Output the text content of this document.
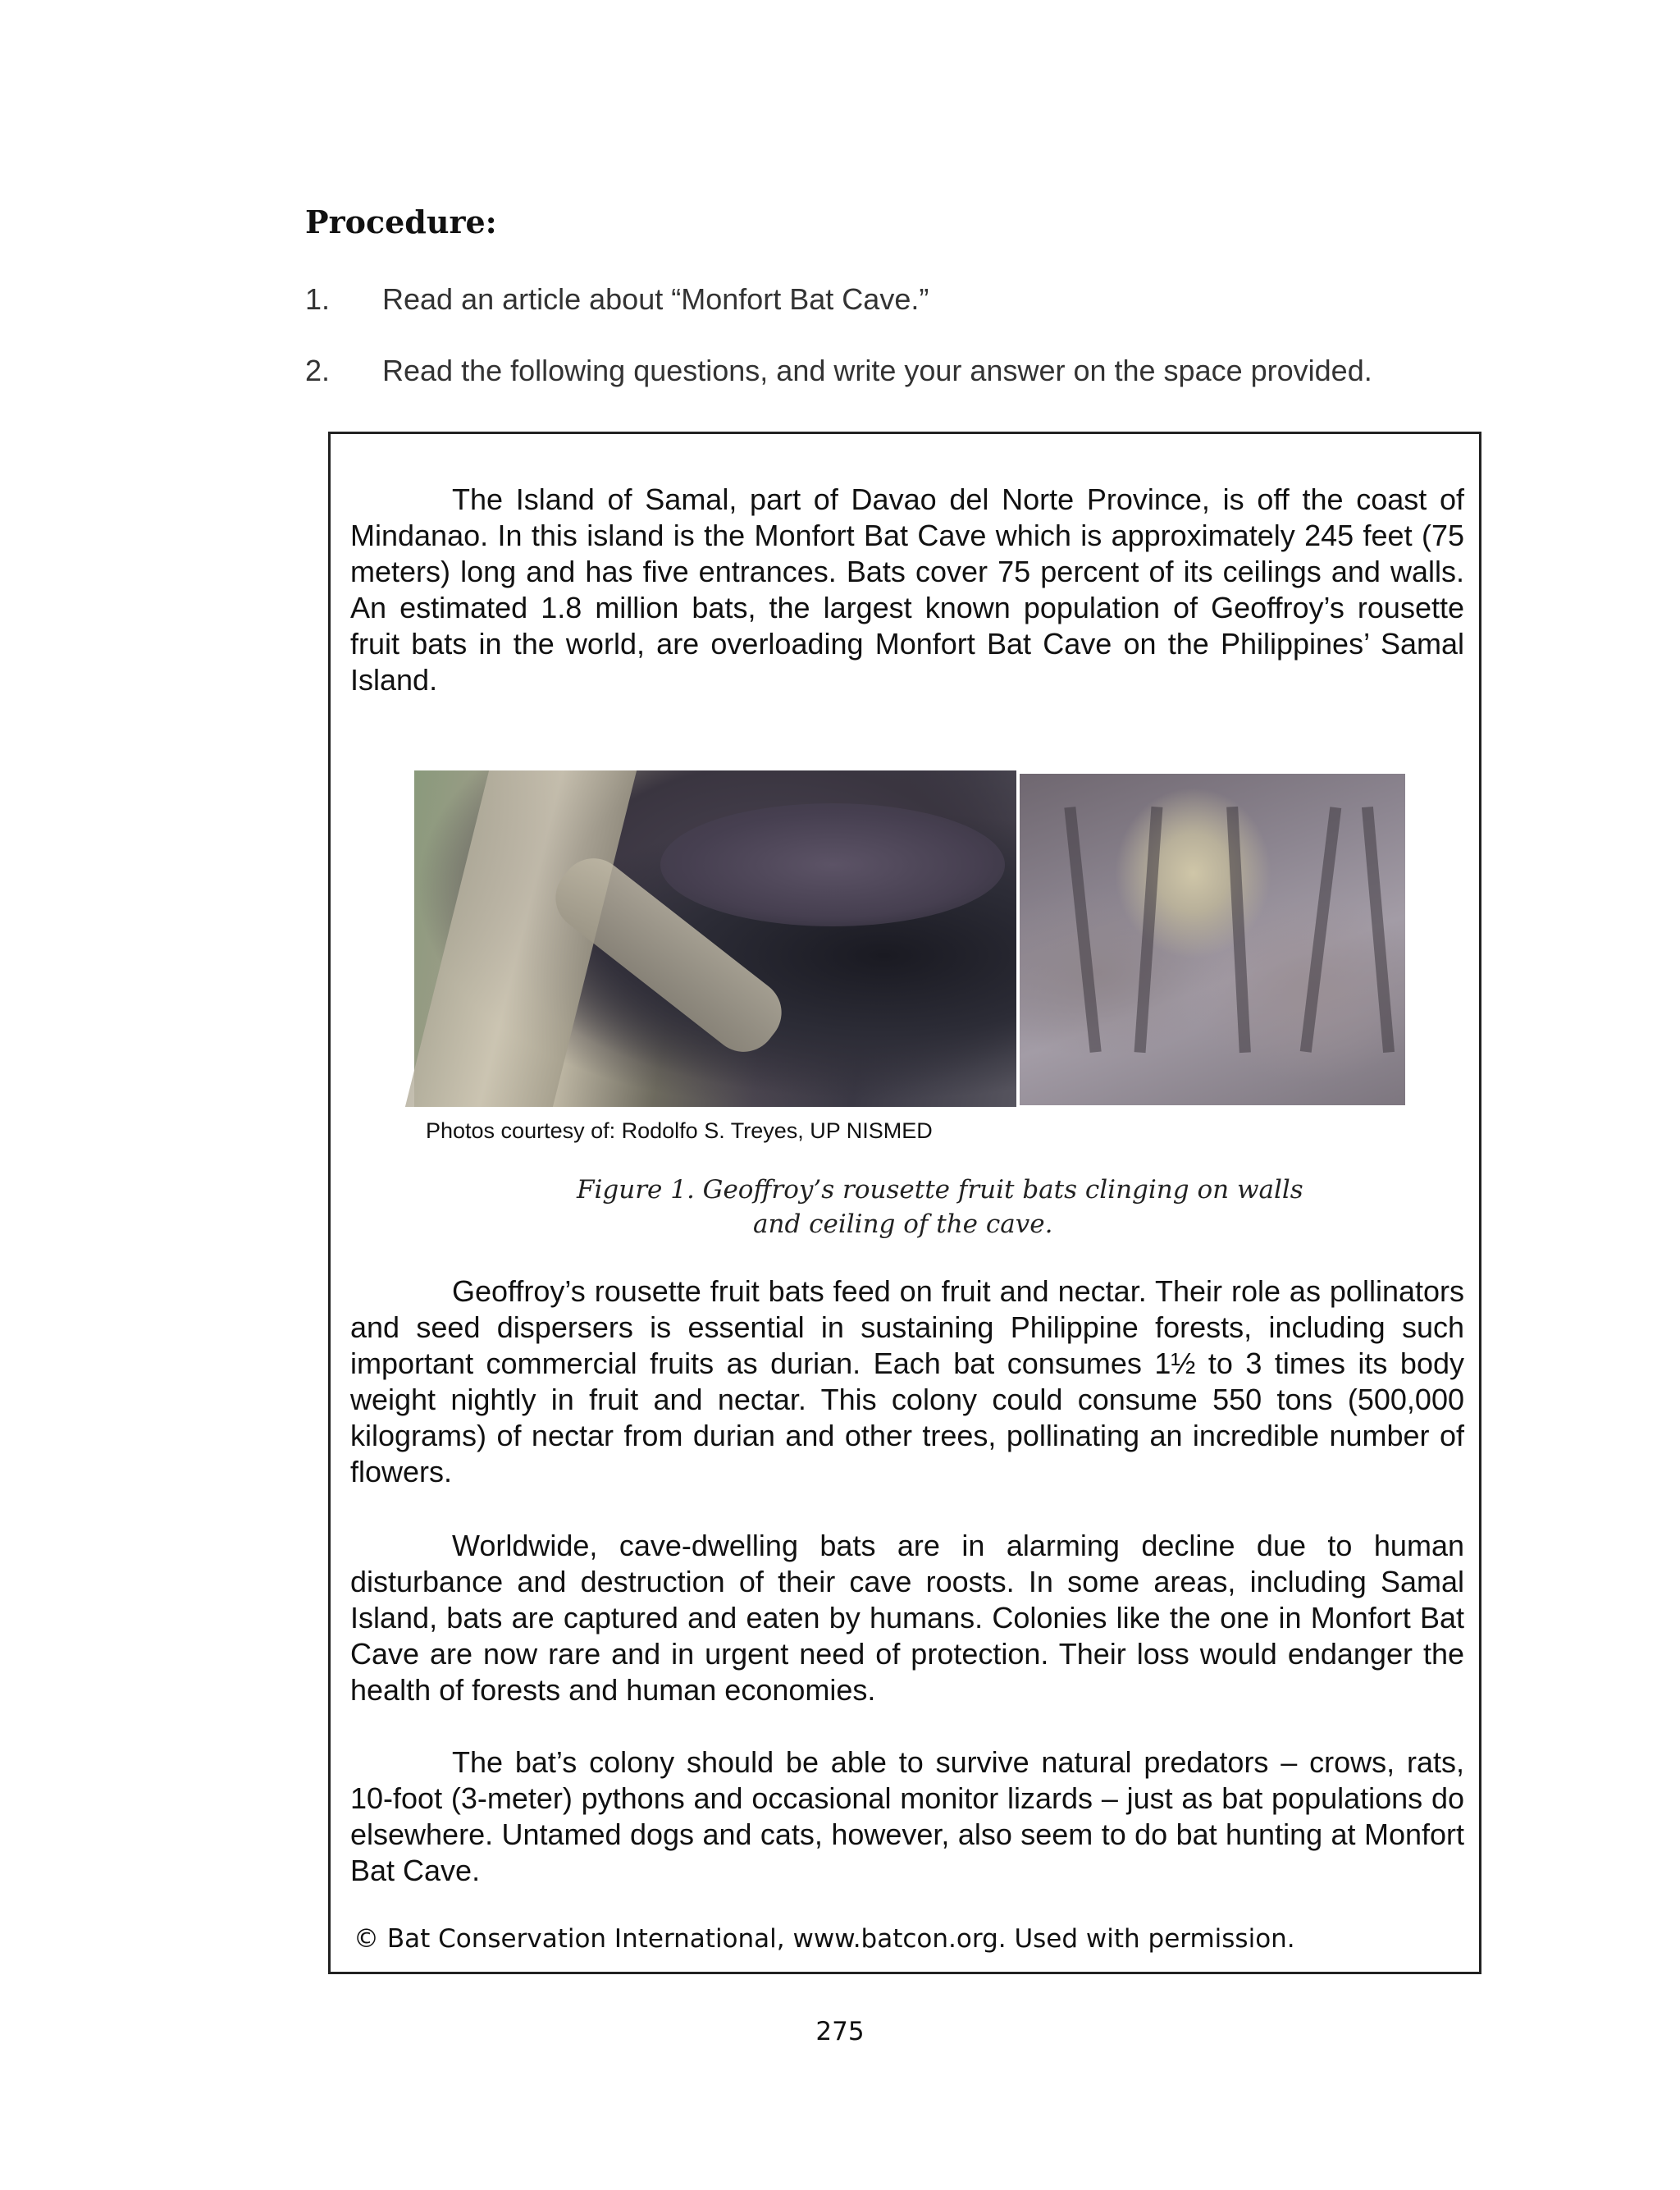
Procedure:
1. Read an article about “Monfort Bat Cave.”
2. Read the following questions, and write your answer on the space provided.

The Island of Samal, part of Davao del Norte Province, is off the coast of Mindanao. In this island is the Monfort Bat Cave which is approximately 245 feet (75 meters) long and has five entrances. Bats cover 75 percent of its ceilings and walls. An estimated 1.8 million bats, the largest known population of Geoffroy’s rousette fruit bats in the world, are overloading Monfort Bat Cave on the Philippines’ Samal Island.

Photos courtesy of: Rodolfo S. Treyes, UP NISMED
Figure 1. Geoffroy’s rousette fruit bats clinging on walls
and ceiling of the cave.

Geoffroy’s rousette fruit bats feed on fruit and nectar. Their role as pollinators and seed dispersers is essential in sustaining Philippine forests, including such important commercial fruits as durian. Each bat consumes 1½ to 3 times its body weight nightly in fruit and nectar. This colony could consume 550 tons (500,000 kilograms) of nectar from durian and other trees, pollinating an incredible number of flowers.

Worldwide, cave-dwelling bats are in alarming decline due to human disturbance and destruction of their cave roosts. In some areas, including Samal Island, bats are captured and eaten by humans. Colonies like the one in Monfort Bat Cave are now rare and in urgent need of protection. Their loss would endanger the health of forests and human economies.

The bat’s colony should be able to survive natural predators – crows, rats, 10-foot (3-meter) pythons and occasional monitor lizards – just as bat populations do elsewhere. Untamed dogs and cats, however, also seem to do bat hunting at Monfort Bat Cave.

© Bat Conservation International, www.batcon.org. Used with permission.
275
